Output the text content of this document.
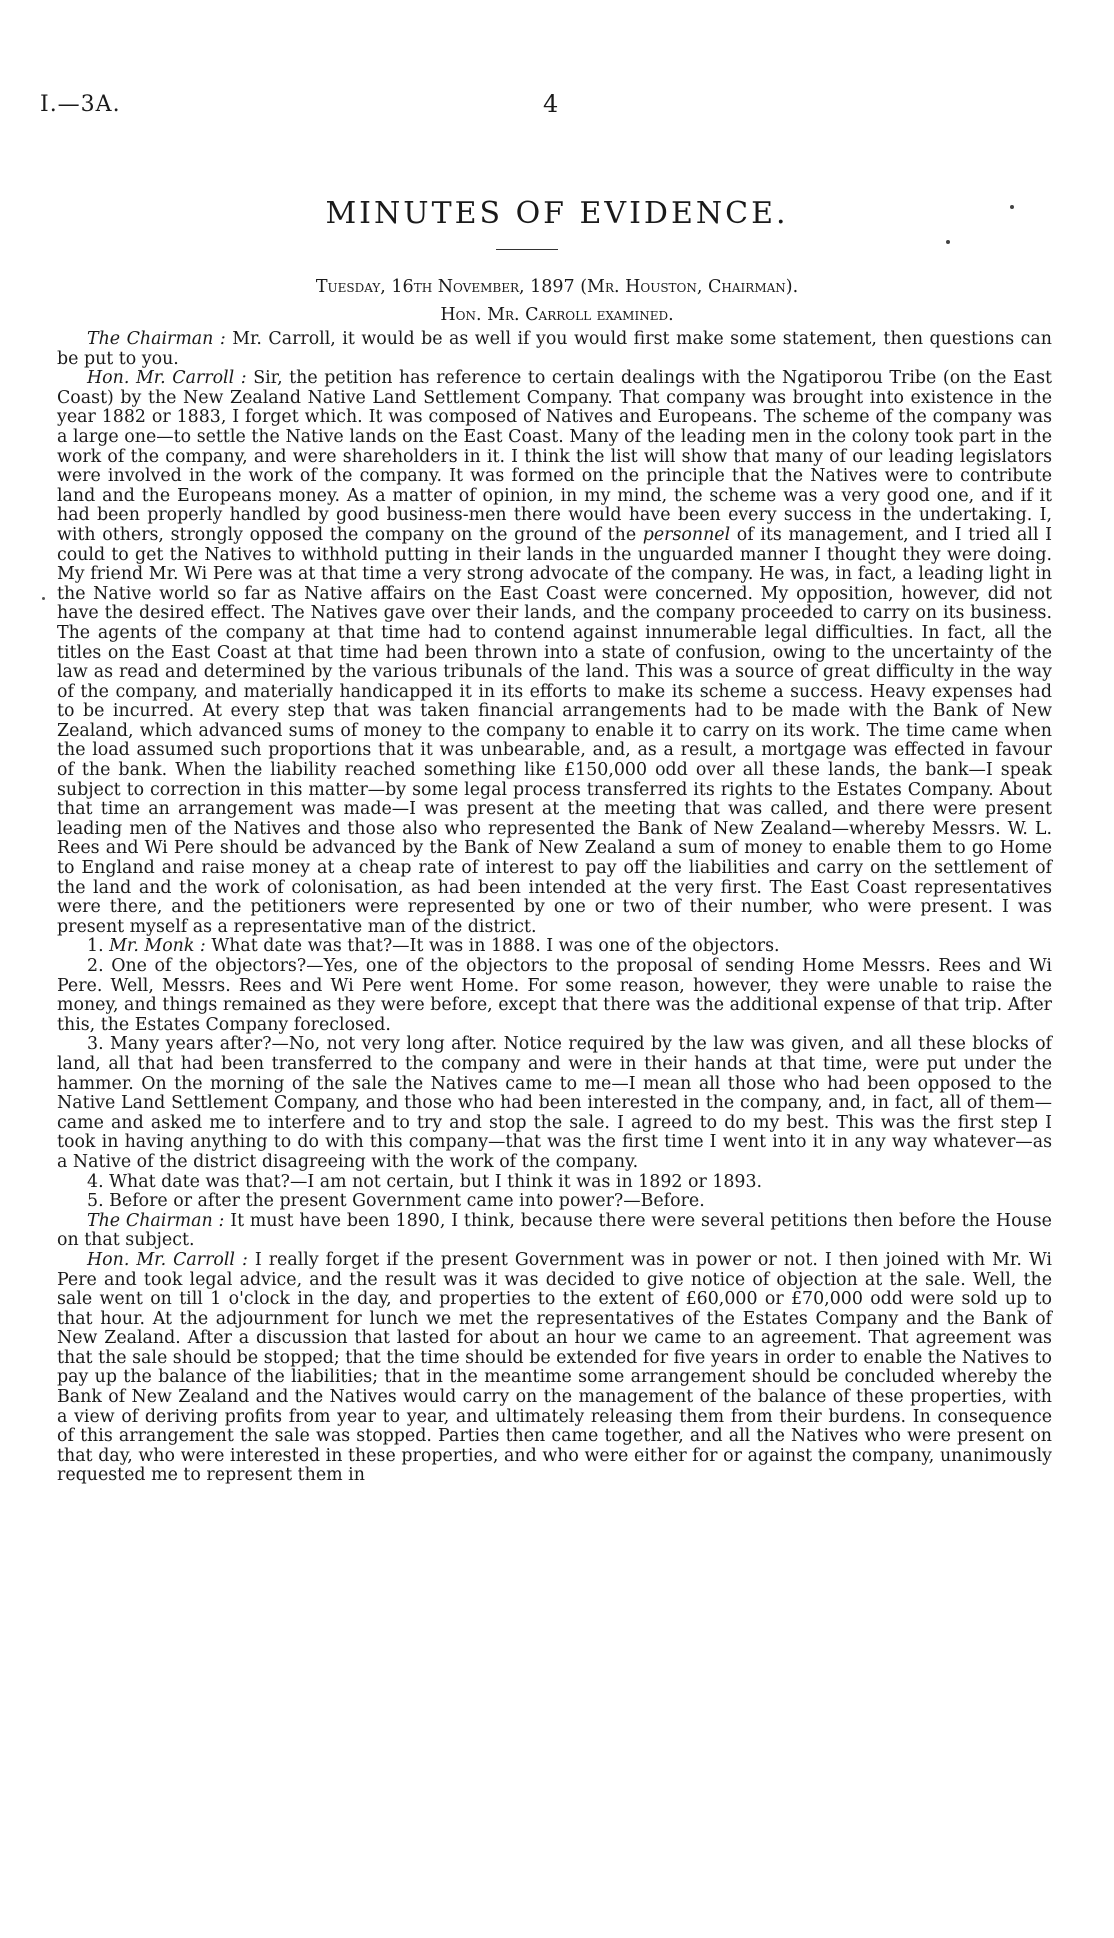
I.—3A.	4
MINUTES OF EVIDENCE.
Tuesday, 16th November, 1897 (Mr. Houston, Chairman).
Hon. Mr. Carroll examined.

The Chairman : Mr. Carroll, it would be as well if you would first make some statement, then questions can be put to you.

Hon. Mr. Carroll : Sir, the petition has reference to certain dealings with the Ngatiporou Tribe (on the East Coast) by the New Zealand Native Land Settlement Company. That company was brought into existence in the year 1882 or 1883, I forget which. It was composed of Natives and Europeans. The scheme of the company was a large one—to settle the Native lands on the East Coast. Many of the leading men in the colony took part in the work of the company, and were shareholders in it. I think the list will show that many of our leading legislators were involved in the work of the company. It was formed on the principle that the Natives were to contribute land and the Europeans money. As a matter of opinion, in my mind, the scheme was a very good one, and if it had been properly handled by good business-men there would have been every success in the undertaking. I, with others, strongly opposed the company on the ground of the personnel of its management, and I tried all I could to get the Natives to withhold putting in their lands in the unguarded manner I thought they were doing. My friend Mr. Wi Pere was at that time a very strong advocate of the company. He was, in fact, a leading light in the Native world so far as Native affairs on the East Coast were concerned. My opposition, however, did not have the desired effect. The Natives gave over their lands, and the company proceeded to carry on its business. The agents of the company at that time had to contend against innumerable legal difficulties. In fact, all the titles on the East Coast at that time had been thrown into a state of confusion, owing to the uncertainty of the law as read and determined by the various tribunals of the land. This was a source of great difficulty in the way of the company, and materially handicapped it in its efforts to make its scheme a success. Heavy expenses had to be incurred. At every step that was taken financial arrangements had to be made with the Bank of New Zealand, which advanced sums of money to the company to enable it to carry on its work. The time came when the load assumed such proportions that it was unbearable, and, as a result, a mortgage was effected in favour of the bank. When the liability reached something like £150,000 odd over all these lands, the bank—I speak subject to correction in this matter—by some legal process transferred its rights to the Estates Company. About that time an arrangement was made—I was present at the meeting that was called, and there were present leading men of the Natives and those also who represented the Bank of New Zealand—whereby Messrs. W. L. Rees and Wi Pere should be advanced by the Bank of New Zealand a sum of money to enable them to go Home to England and raise money at a cheap rate of interest to pay off the liabilities and carry on the settlement of the land and the work of colonisation, as had been intended at the very first. The East Coast representatives were there, and the petitioners were represented by one or two of their number, who were present. I was present myself as a representative man of the district.

1. Mr. Monk : What date was that?—It was in 1888. I was one of the objectors.

2. One of the objectors?—Yes, one of the objectors to the proposal of sending Home Messrs. Rees and Wi Pere. Well, Messrs. Rees and Wi Pere went Home. For some reason, however, they were unable to raise the money, and things remained as they were before, except that there was the additional expense of that trip. After this, the Estates Company foreclosed.

3. Many years after?—No, not very long after. Notice required by the law was given, and all these blocks of land, all that had been transferred to the company and were in their hands at that time, were put under the hammer. On the morning of the sale the Natives came to me—I mean all those who had been opposed to the Native Land Settlement Company, and those who had been interested in the company, and, in fact, all of them—came and asked me to interfere and to try and stop the sale. I agreed to do my best. This was the first step I took in having anything to do with this company—that was the first time I went into it in any way whatever—as a Native of the district disagreeing with the work of the company.

4. What date was that?—I am not certain, but I think it was in 1892 or 1893.

5. Before or after the present Government came into power?—Before.

The Chairman : It must have been 1890, I think, because there were several petitions then before the House on that subject.

Hon. Mr. Carroll : I really forget if the present Government was in power or not. I then joined with Mr. Wi Pere and took legal advice, and the result was it was decided to give notice of objection at the sale. Well, the sale went on till 1 o'clock in the day, and properties to the extent of £60,000 or £70,000 odd were sold up to that hour. At the adjournment for lunch we met the representatives of the Estates Company and the Bank of New Zealand. After a discussion that lasted for about an hour we came to an agreement. That agreement was that the sale should be stopped; that the time should be extended for five years in order to enable the Natives to pay up the balance of the liabilities; that in the meantime some arrangement should be concluded whereby the Bank of New Zealand and the Natives would carry on the management of the balance of these properties, with a view of deriving profits from year to year, and ultimately releasing them from their burdens. In consequence of this arrangement the sale was stopped. Parties then came together, and all the Natives who were present on that day, who were interested in these properties, and who were either for or against the company, unanimously requested me to represent them in
